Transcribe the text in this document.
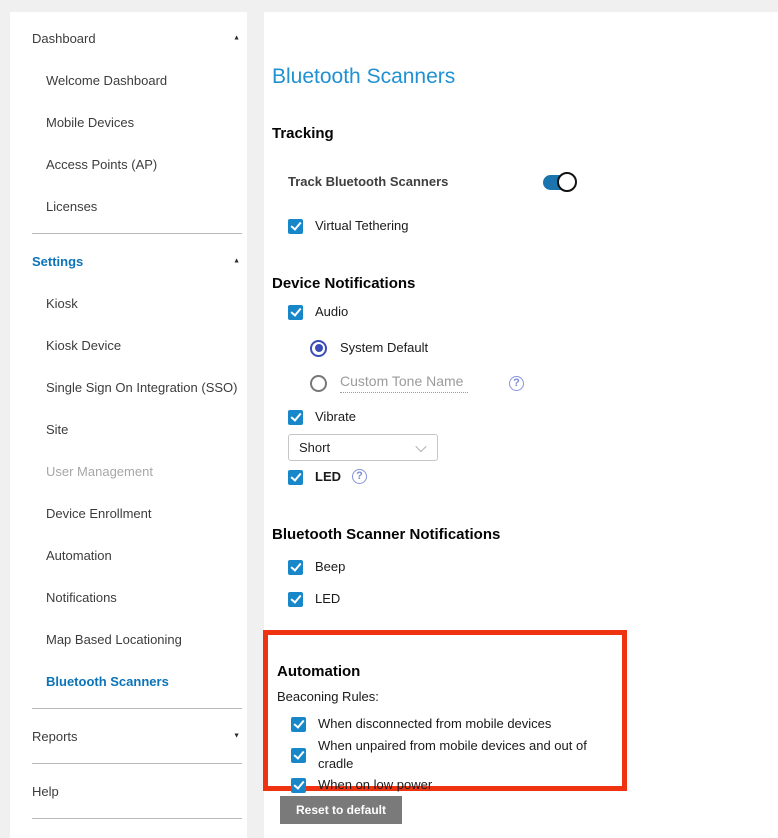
Dashboard	▲
Welcome Dashboard
Mobile Devices
Access Points (AP)
Licenses
Settings	▲
Kiosk
Kiosk Device
Single Sign On Integration (SSO)
Site
User Management
Device Enrollment
Automation
Notifications
Map Based Locationing
Bluetooth Scanners
Reports	▼
Help
Bluetooth Scanners
Tracking
Track Bluetooth Scanners
Virtual Tethering
Device Notifications
Audio
System Default
Custom Tone Name	?
Vibrate
Short
LED ?
Bluetooth Scanner Notifications
Beep
LED
Automation
Beaconing Rules:
When disconnected from mobile devices
When unpaired from mobile devices and out of cradle
When on low power
Reset to default
